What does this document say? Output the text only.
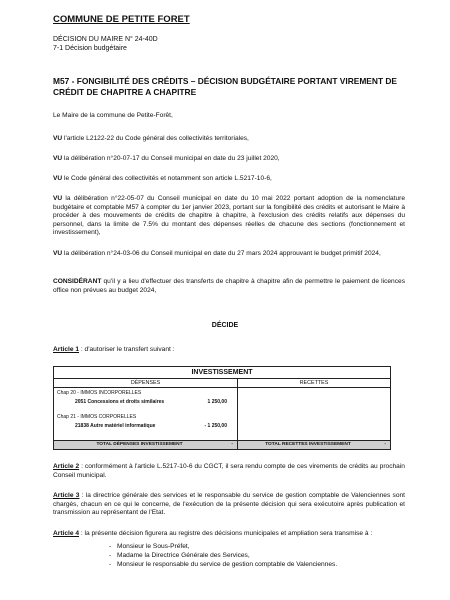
COMMUNE DE PETITE FORET
DÉCISION DU MAIRE N° 24-40D
7-1 Décision budgétaire
M57 - FONGIBILITÉ DES CRÉDITS – DÉCISION BUDGÉTAIRE PORTANT VIREMENT DE CRÉDIT DE CHAPITRE A CHAPITRE
Le Maire de la commune de Petite-Forêt,
VU l'article L2122-22 du Code général des collectivités territoriales,
VU la délibération n°20-07-17 du Conseil municipal en date du 23 juillet 2020,
VU le Code général des collectivités et notamment son article L.5217-10-6,
VU la délibération n°22-05-07 du Conseil municipal en date du 10 mai 2022 portant adoption de la nomenclature budgétaire et comptable M57 à compter du 1er janvier 2023, portant sur la fongibilité des crédits et autorisant le Maire à procéder à des mouvements de crédits de chapitre à chapitre, à l'exclusion des crédits relatifs aux dépenses du personnel, dans la limite de 7.5% du montant des dépenses réelles de chacune des sections (fonctionnement et investissement),
VU la délibération n°24-03-06 du Conseil municipal en date du 27 mars 2024 approuvant le budget primitif 2024,
CONSIDÉRANT qu'il y a lieu d'effectuer des transferts de chapitre à chapitre afin de permettre le paiement de licences office non prévues au budget 2024,
DÉCIDE
Article 1 : d'autoriser le transfert suivant :
INVESTISSEMENT
DÉPENSES	RECETTES
Chap 20 - IMMOS INCORPORELLES
2051 Concessions et droits similaires	1 250,00
Chap 21 - IMMOS CORPORELLES
21838 Autre matériel informatique	- 1 250,00
TOTAL DÉPENSES INVESTISSEMENT	-	TOTAL RECETTES INVESTISSEMENT	-
Article 2 : conformément à l'article L.5217-10-6 du CGCT, il sera rendu compte de ces virements de crédits au prochain Conseil municipal.
Article 3 : la directrice générale des services et le responsable du service de gestion comptable de Valenciennes sont chargés, chacun en ce qui le concerne, de l'exécution de la présente décision qui sera exécutoire après publication et transmission au représentant de l'Etat.
Article 4 : la présente décision figurera au registre des décisions municipales et ampliation sera transmise à :
- Monsieur le Sous-Préfet,
- Madame la Directrice Générale des Services,
- Monsieur le responsable du service de gestion comptable de Valenciennes.
